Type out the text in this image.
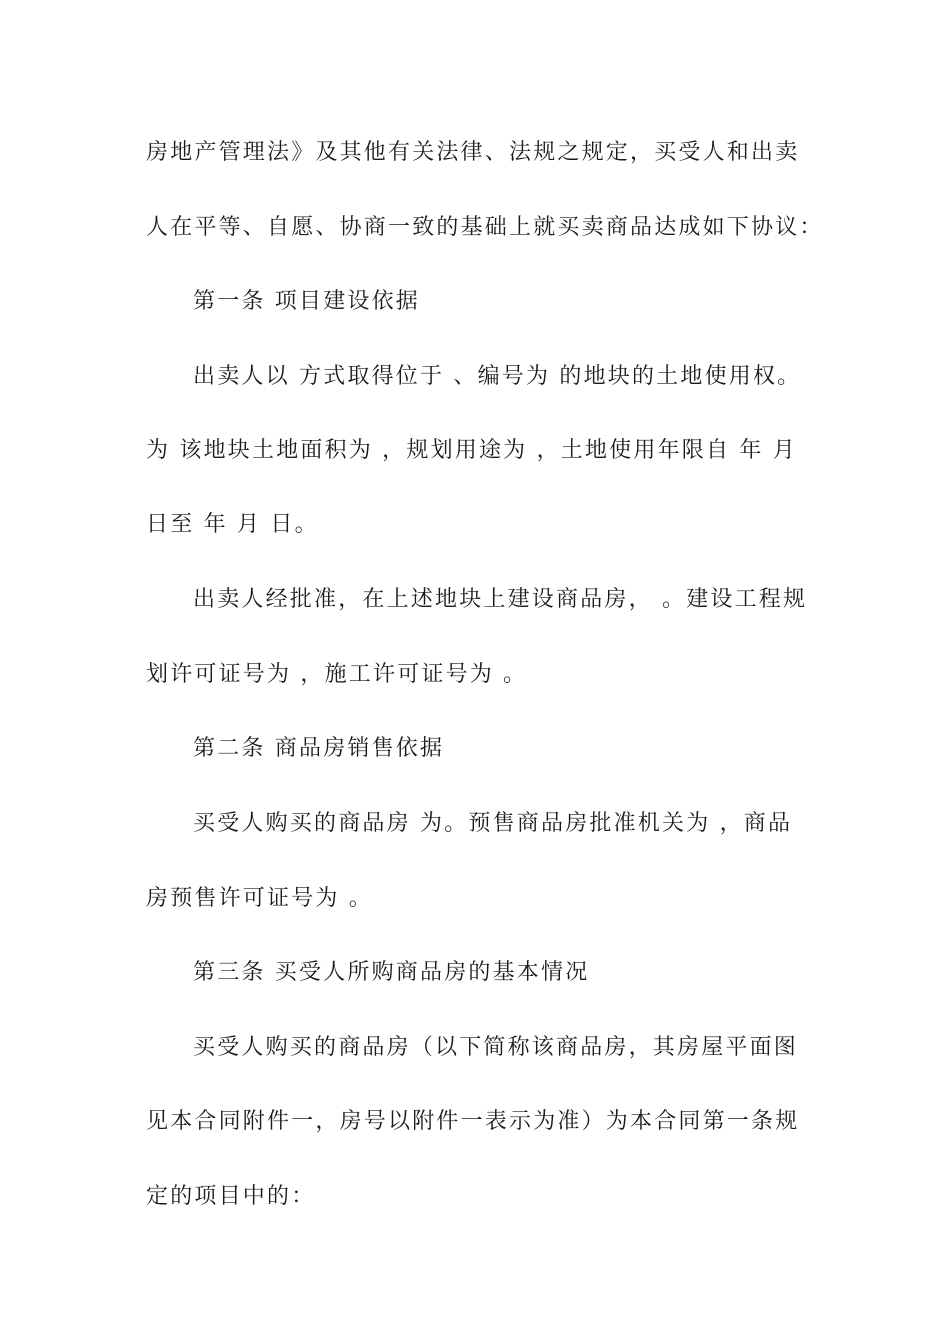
房地产管理法》及其他有关法律、法规之规定，买受人和出卖
人在平等、自愿、协商一致的基础上就买卖商品达成如下协议：
第一条 项目建设依据
出卖人以 方式取得位于 、编号为 的地块的土地使用权。
为 该地块土地面积为 ，规划用途为 ，土地使用年限自 年 月
日至 年 月 日。
出卖人经批准，在上述地块上建设商品房， 。建设工程规
划许可证号为 ，施工许可证号为 。
第二条 商品房销售依据
买受人购买的商品房 为。预售商品房批准机关为 ，商品
房预售许可证号为 。
第三条 买受人所购商品房的基本情况
买受人购买的商品房（以下简称该商品房，其房屋平面图
见本合同附件一，房号以附件一表示为准）为本合同第一条规
定的项目中的：
